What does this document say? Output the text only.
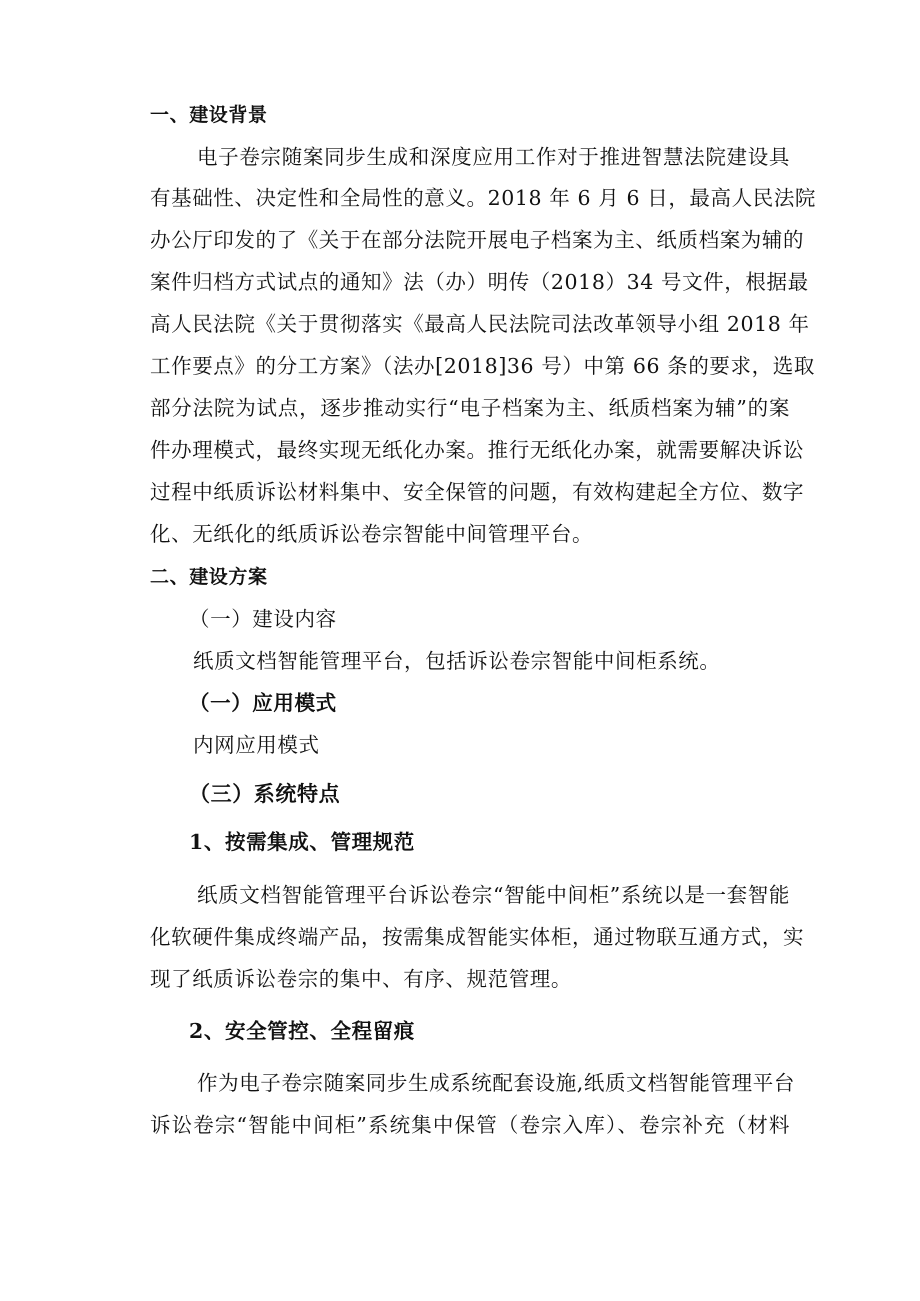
一、建设背景
电子卷宗随案同步生成和深度应用工作对于推进智慧法院建设具
有基础性、决定性和全局性的意义。2018 年 6 月 6 日，最高人民法院
办公厅印发的了《关于在部分法院开展电子档案为主、纸质档案为辅的
案件归档方式试点的通知》法（办）明传（2018）34 号文件，根据最
高人民法院《关于贯彻落实《最高人民法院司法改革领导小组 2018 年
工作要点》的分工方案》（法办[2018]36 号）中第 66 条的要求，选取
部分法院为试点，逐步推动实行“电子档案为主、纸质档案为辅”的案
件办理模式，最终实现无纸化办案。推行无纸化办案，就需要解决诉讼
过程中纸质诉讼材料集中、安全保管的问题，有效构建起全方位、数字
化、无纸化的纸质诉讼卷宗智能中间管理平台。
二、建设方案
（一）建设内容
纸质文档智能管理平台，包括诉讼卷宗智能中间柜系统。
（一）应用模式
内网应用模式
（三）系统特点
1、按需集成、管理规范
纸质文档智能管理平台诉讼卷宗“智能中间柜”系统以是一套智能
化软硬件集成终端产品，按需集成智能实体柜，通过物联互通方式，实
现了纸质诉讼卷宗的集中、有序、规范管理。
2、安全管控、全程留痕
作为电子卷宗随案同步生成系统配套设施,纸质文档智能管理平台
诉讼卷宗“智能中间柜”系统集中保管（卷宗入库）、卷宗补充（材料
